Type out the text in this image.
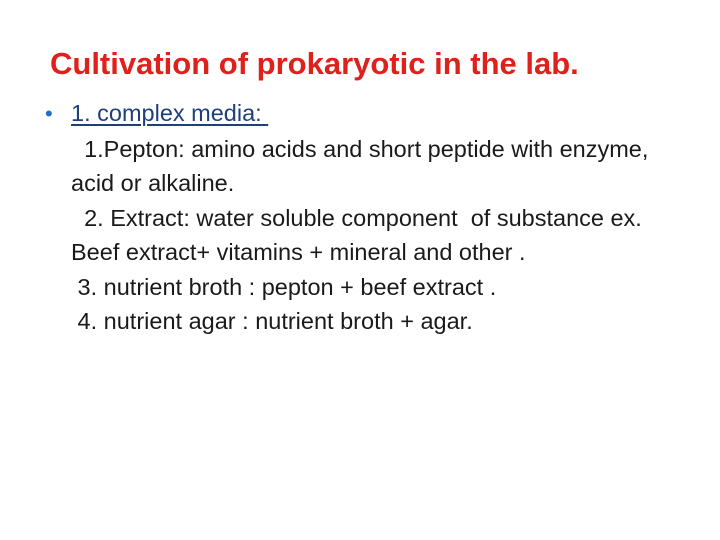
Cultivation of prokaryotic in the lab.
• 1. complex media:
1.Pepton: amino acids and short peptide with enzyme, acid or alkaline.
2. Extract: water soluble component  of substance ex. Beef extract+ vitamins + mineral and other .
3. nutrient broth : pepton + beef extract .
4. nutrient agar : nutrient broth + agar.
